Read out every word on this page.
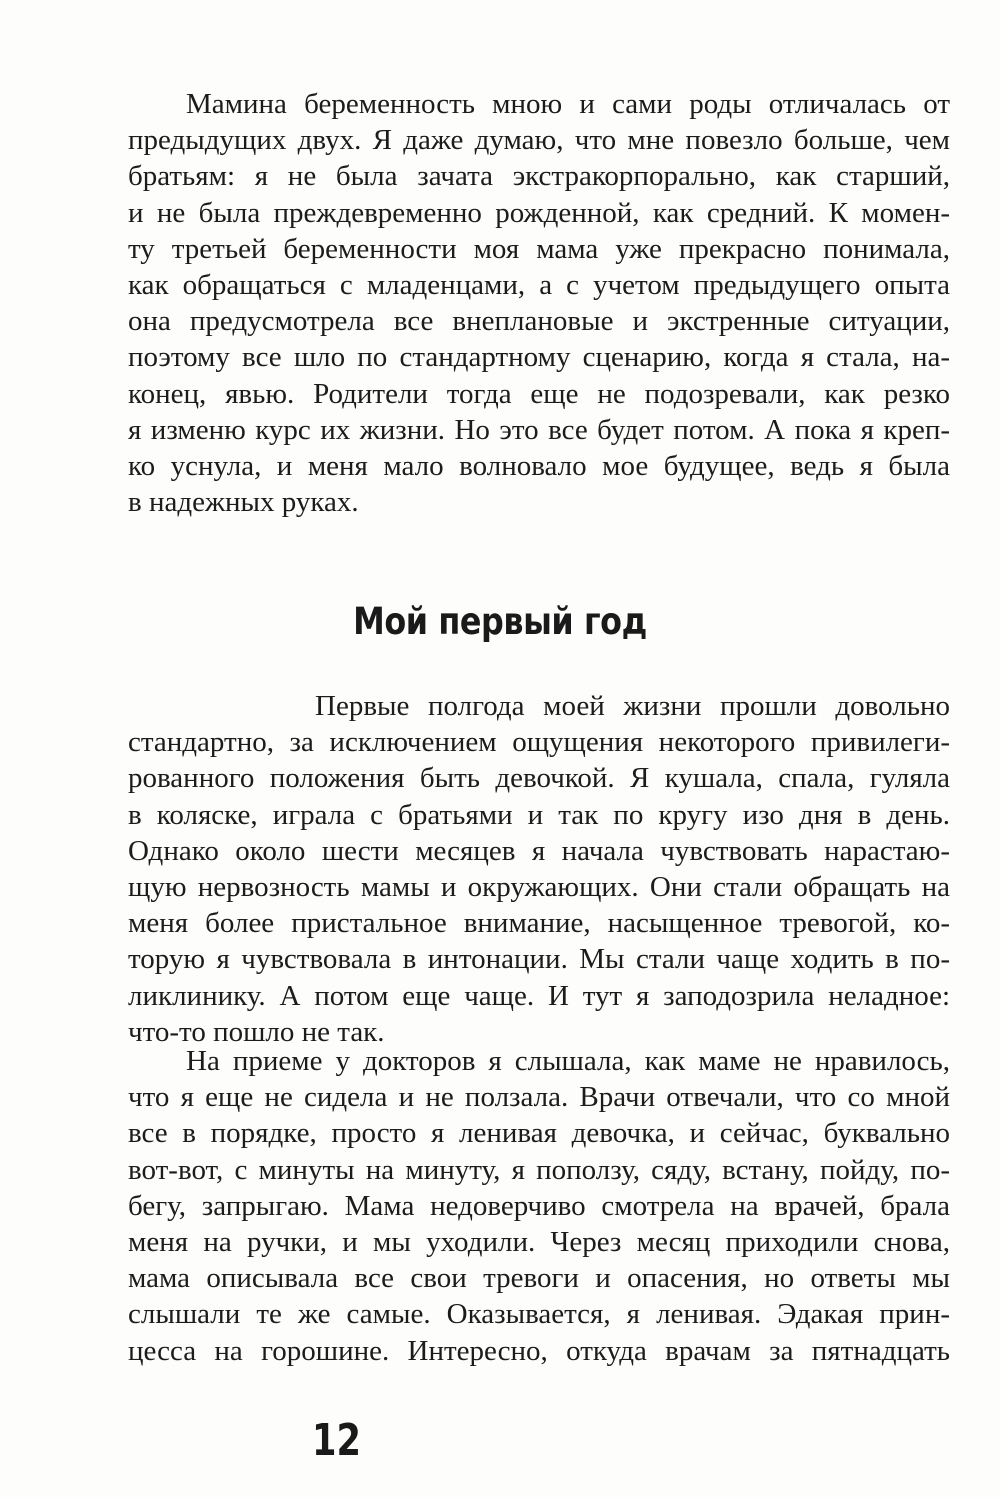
Мамина беременность мною и сами роды отличалась от
предыдущих двух. Я даже думаю, что мне повезло больше, чем
братьям: я не была зачата экстракорпорально, как старший,
и не была преждевременно рожденной, как средний. К момен-
ту третьей беременности моя мама уже прекрасно понимала,
как обращаться с младенцами, а с учетом предыдущего опыта
она предусмотрела все внеплановые и экстренные ситуации,
поэтому все шло по стандартному сценарию, когда я стала, на-
конец, явью. Родители тогда еще не подозревали, как резко
я изменю курс их жизни. Но это все будет потом. А пока я креп-
ко уснула, и меня мало волновало мое будущее, ведь я была
в надежных руках.
Мой первый год
Первые полгода моей жизни прошли довольно
стандартно, за исключением ощущения некоторого привилеги-
рованного положения быть девочкой. Я кушала, спала, гуляла
в коляске, играла с братьями и так по кругу изо дня в день.
Однако около шести месяцев я начала чувствовать нарастаю-
щую нервозность мамы и окружающих. Они стали обращать на
меня более пристальное внимание, насыщенное тревогой, ко-
торую я чувствовала в интонации. Мы стали чаще ходить в по-
ликлинику. А потом еще чаще. И тут я заподозрила неладное:
что-то пошло не так.
На приеме у докторов я слышала, как маме не нравилось,
что я еще не сидела и не ползала. Врачи отвечали, что со мной
все в порядке, просто я ленивая девочка, и сейчас, буквально
вот-вот, с минуты на минуту, я поползу, сяду, встану, пойду, по-
бегу, запрыгаю. Мама недоверчиво смотрела на врачей, брала
меня на ручки, и мы уходили. Через месяц приходили снова,
мама описывала все свои тревоги и опасения, но ответы мы
слышали те же самые. Оказывается, я ленивая. Эдакая прин-
цесса на горошине. Интересно, откуда врачам за пятнадцать
12
